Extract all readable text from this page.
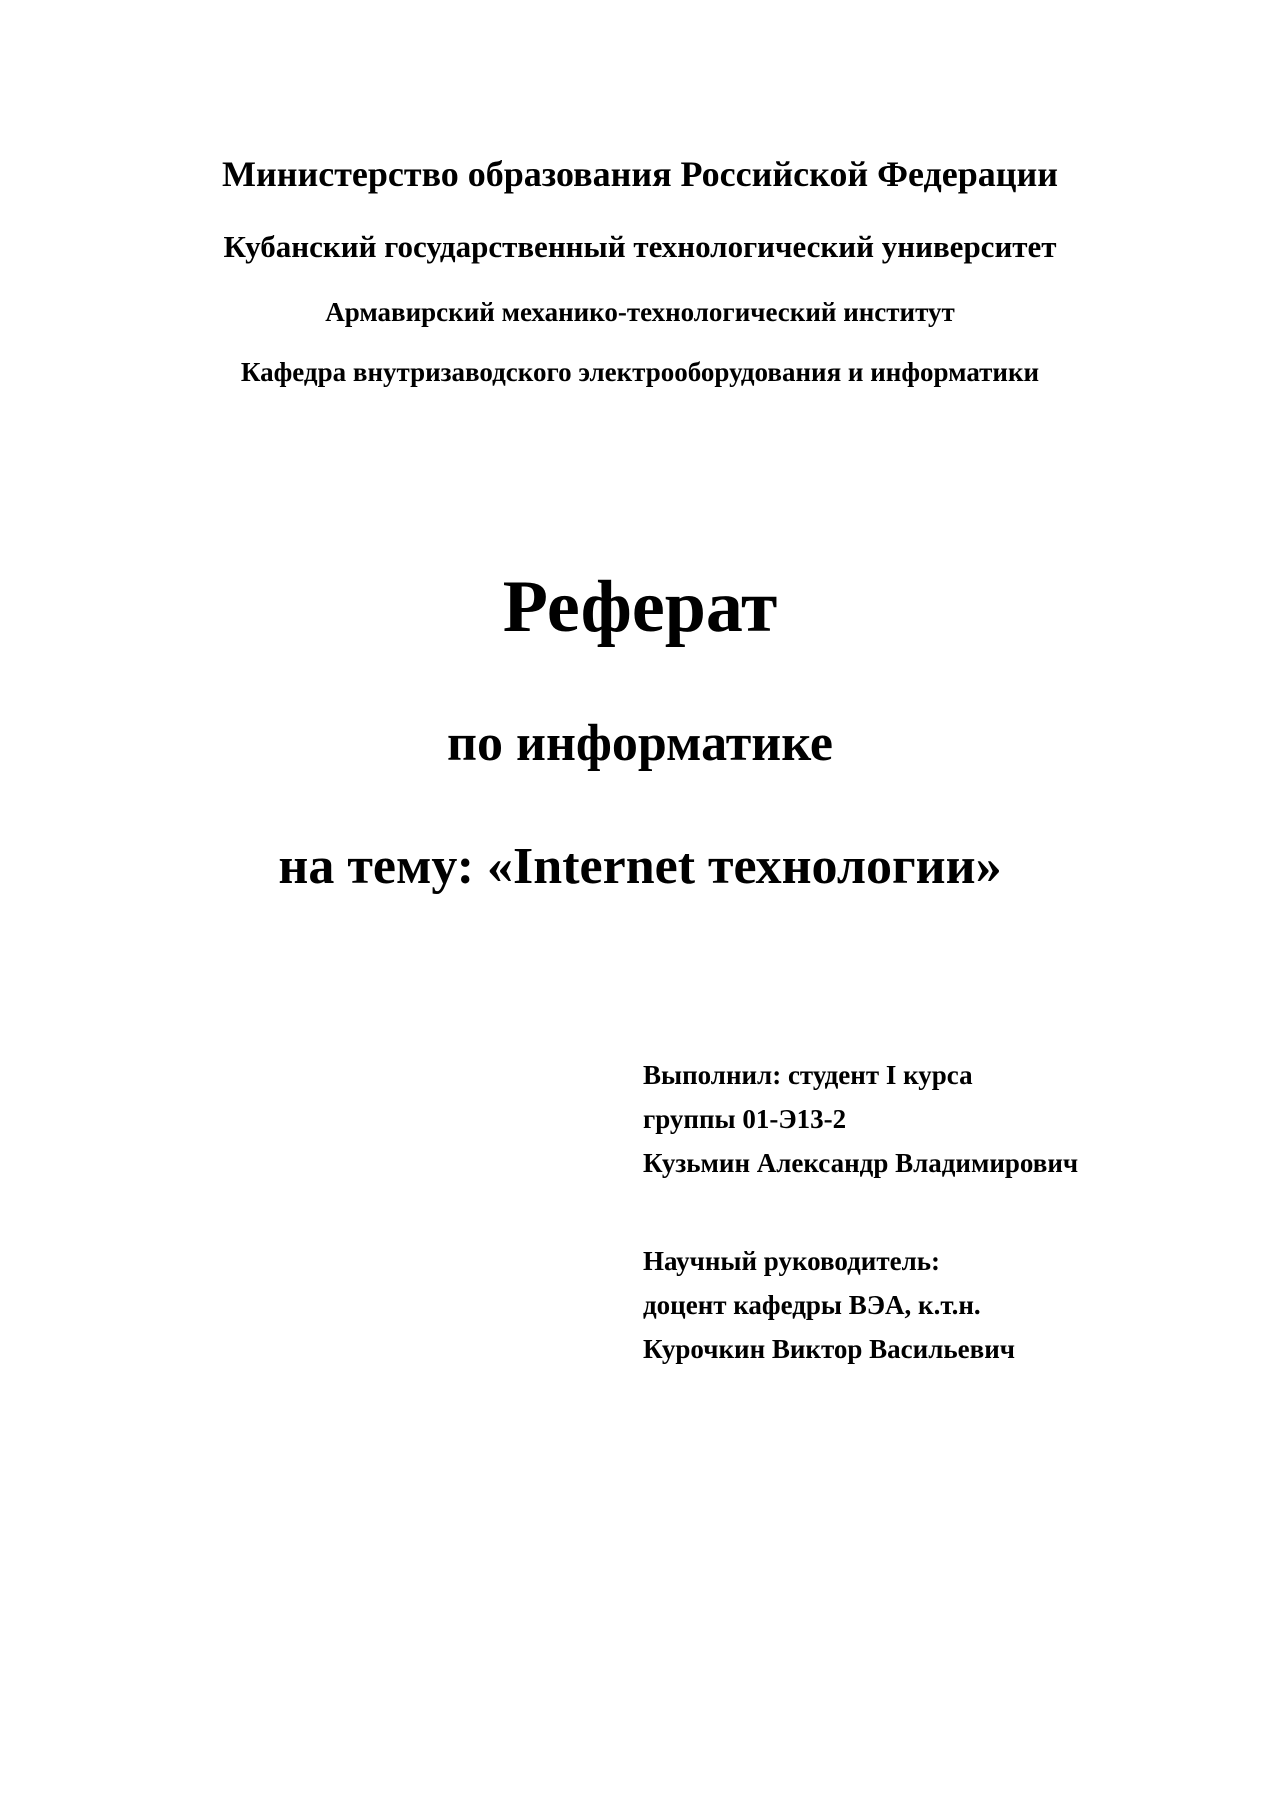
Министерство образования Российской Федерации
Кубанский государственный технологический университет
Армавирский механико-технологический институт
Кафедра внутризаводского электрооборудования и информатики
Реферат
по информатике
на тему: «Internet технологии»
Выполнил: студент I курса
группы 01-Э13-2
Кузьмин Александр Владимирович
Научный руководитель:
доцент кафедры ВЭА, к.т.н.
Курочкин Виктор Васильевич
